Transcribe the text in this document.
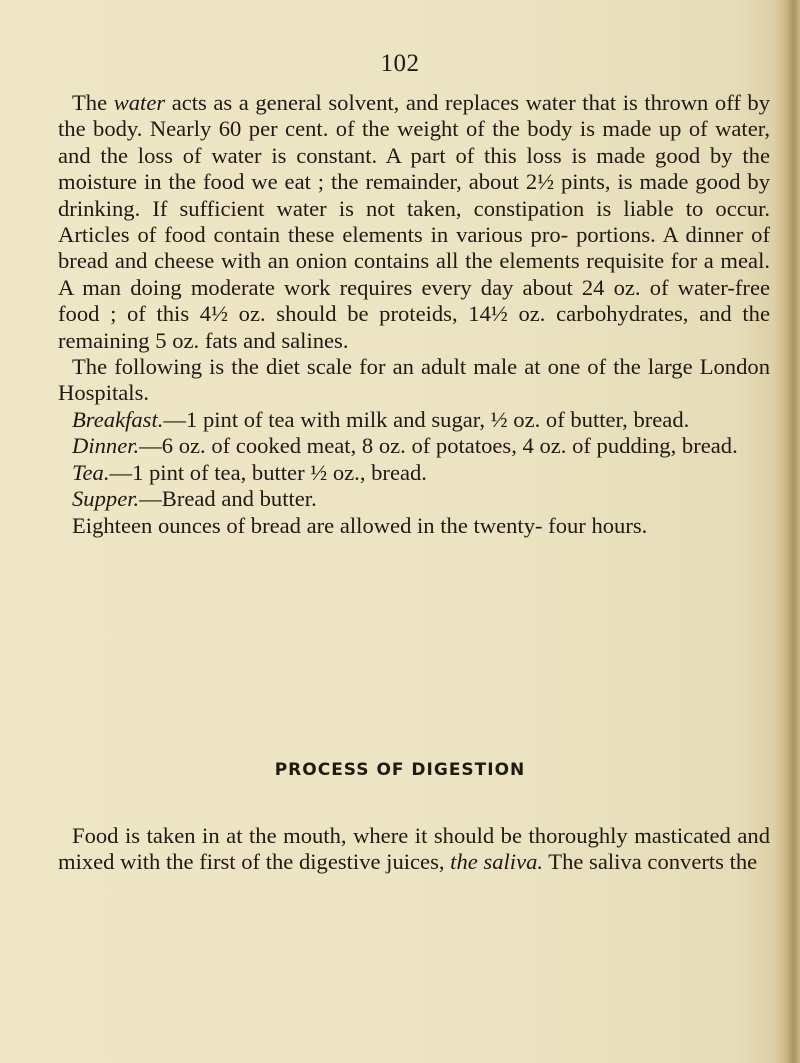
102

The water acts as a general solvent, and replaces water that is thrown off by the body. Nearly 60 per cent. of the weight of the body is made up of water, and the loss of water is constant. A part of this loss is made good by the moisture in the food we eat ; the remainder, about 2½ pints, is made good by drinking. If sufficient water is not taken, constipation is liable to occur. Articles of food contain these elements in various pro- portions. A dinner of bread and cheese with an onion contains all the elements requisite for a meal. A man doing moderate work requires every day about 24 oz. of water-free food ; of this 4½ oz. should be proteids, 14½ oz. carbohydrates, and the remaining 5 oz. fats and salines.

The following is the diet scale for an adult male at one of the large London Hospitals.

Breakfast.—1 pint of tea with milk and sugar, ½ oz. of butter, bread.

Dinner.—6 oz. of cooked meat, 8 oz. of potatoes, 4 oz. of pudding, bread.

Tea.—1 pint of tea, butter ½ oz., bread.

Supper.—Bread and butter.

Eighteen ounces of bread are allowed in the twenty- four hours.

PROCESS OF DIGESTION

Food is taken in at the mouth, where it should be thoroughly masticated and mixed with the first of the digestive juices, the saliva. The saliva converts the
